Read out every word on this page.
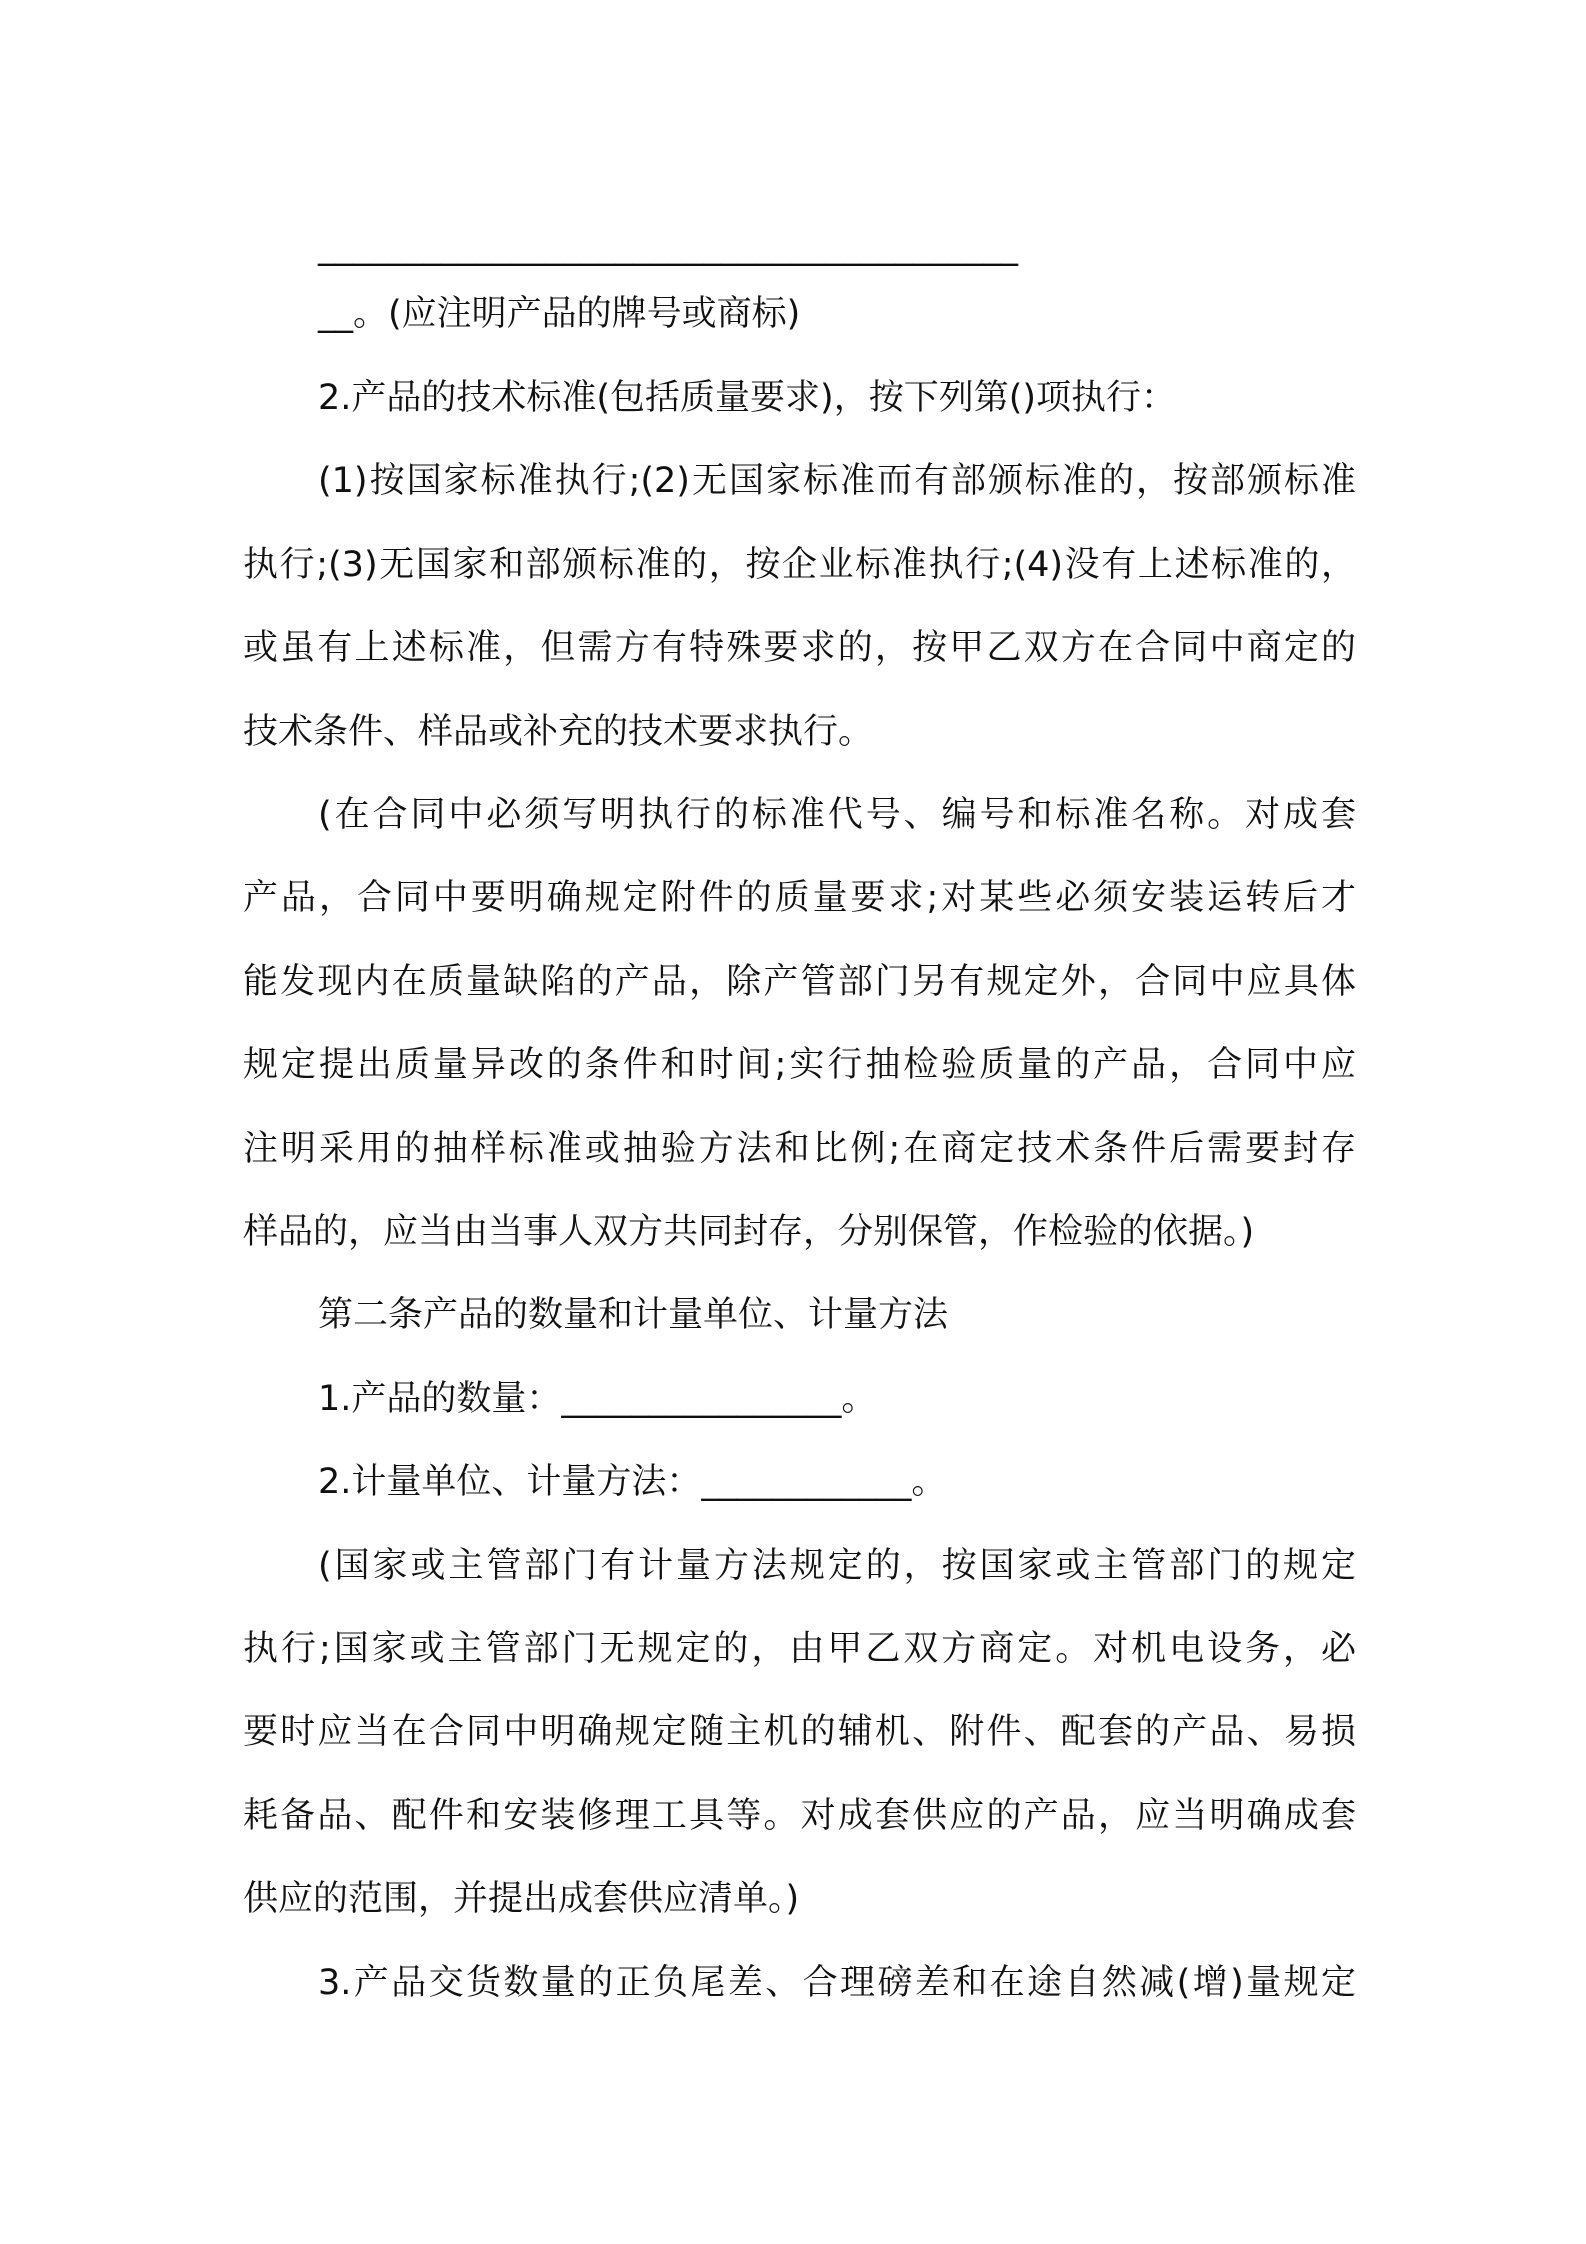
________________________________________

__。(应注明产品的牌号或商标)

2.产品的技术标准(包括质量要求)，按下列第()项执行：

(1)按国家标准执行;(2)无国家标准而有部颁标准的，按部颁标准

执行;(3)无国家和部颁标准的，按企业标准执行;(4)没有上述标准的，

或虽有上述标准，但需方有特殊要求的，按甲乙双方在合同中商定的

技术条件、样品或补充的技术要求执行。

(在合同中必须写明执行的标准代号、编号和标准名称。对成套

产品，合同中要明确规定附件的质量要求;对某些必须安装运转后才

能发现内在质量缺陷的产品，除产管部门另有规定外，合同中应具体

规定提出质量异改的条件和时间;实行抽检验质量的产品，合同中应

注明采用的抽样标准或抽验方法和比例;在商定技术条件后需要封存

样品的，应当由当事人双方共同封存，分别保管，作检验的依据。)

第二条产品的数量和计量单位、计量方法

1.产品的数量：________________。

2.计量单位、计量方法：____________。

(国家或主管部门有计量方法规定的，按国家或主管部门的规定

执行;国家或主管部门无规定的，由甲乙双方商定。对机电设务，必

要时应当在合同中明确规定随主机的辅机、附件、配套的产品、易损

耗备品、配件和安装修理工具等。对成套供应的产品，应当明确成套

供应的范围，并提出成套供应清单。)

3.产品交货数量的正负尾差、合理磅差和在途自然减(增)量规定
